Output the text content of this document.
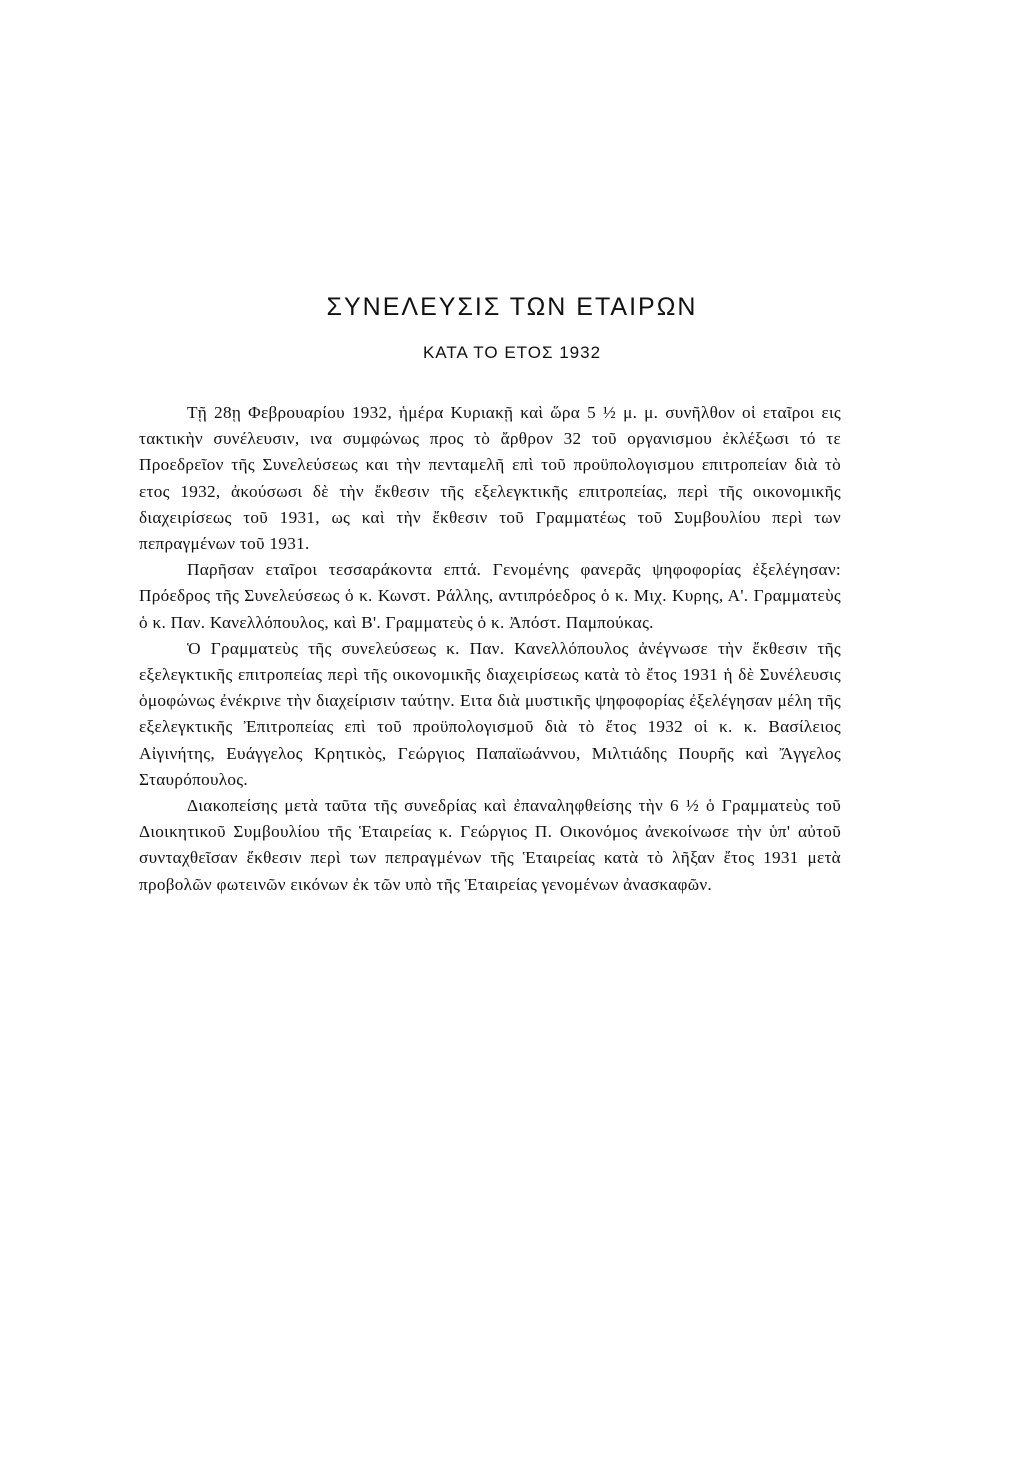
ΣΥΝΕΛΕΥΣΙΣ ΤΩΝ ΕΤΑΙΡΩΝ
ΚΑΤΑ ΤΟ ΕΤΟΣ 1932

Τῇ 28ῃ Φεβρουαρίου 1932, ἡμέρα Κυριακῇ καὶ ὥρα 5 ½ μ. μ. συνῆλθον οἱ εταῖροι εις τακτικὴν συνέλευσιν, ινα συμφώνως προς τὸ ἄρθρον 32 τοῦ οργανισμου ἐκλέξωσι τό τε Προεδρεῖον τῆς Συνελεύσεως και τὴν πενταμελῆ επὶ τοῦ προϋπολογισμου επιτροπείαν διὰ τὸ ετος 1932, ἀκούσωσι δὲ τὴν ἔκθεσιν τῆς εξελεγκτικῆς επιτροπείας, περὶ τῆς οικονομικῆς διαχειρίσεως τοῦ 1931, ως καὶ τὴν ἔκθεσιν τοῦ Γραμματέως τοῦ Συμβουλίου περὶ των πεπραγμένων τοῦ 1931.

Παρῆσαν εταῖροι τεσσαράκοντα επτά. Γενομένης φανερᾶς ψηφοφορίας ἐξελέγησαν: Πρόεδρος τῆς Συνελεύσεως ὁ κ. Κωνστ. Ράλλης, αντιπρόεδρος ὁ κ. Μιχ. Κυρης, Α'. Γραμματεὺς ὁ κ. Παν. Κανελλόπουλος, καὶ Β'. Γραμματεὺς ὁ κ. Ἀπόστ. Παμπούκας.

Ὁ Γραμματεὺς τῆς συνελεύσεως κ. Παν. Κανελλόπουλος ἀνέγνωσε τὴν ἔκθεσιν τῆς εξελεγκτικῆς επιτροπείας περὶ τῆς οικονομικῆς διαχειρίσεως κατὰ τὸ ἔτος 1931 ἡ δὲ Συνέλευσις ὁμοφώνως ἐνέκρινε τὴν διαχείρισιν ταύτην. Ειτα διὰ μυστικῆς ψηφοφορίας ἐξελέγησαν μέλη τῆς εξελεγκτικῆς Ἐπιτροπείας επὶ τοῦ προϋπολογισμοῦ διὰ τὸ ἔτος 1932 οἱ κ. κ. Βασίλειος Αἰγινήτης, Ευάγγελος Κρητικὸς, Γεώργιος Παπαϊωάννου, Μιλτιάδης Πουρῆς καὶ Ἄγγελος Σταυρόπουλος.

Διακοπείσης μετὰ ταῦτα τῆς συνεδρίας καὶ ἐπαναληφθείσης τὴν 6 ½ ὁ Γραμματεὺς τοῦ Διοικητικοῦ Συμβουλίου τῆς Ἑταιρείας κ. Γεώργιος Π. Οικονόμος ἀνεκοίνωσε τὴν ὑπ' αὐτοῦ συνταχθεῖσαν ἔκθεσιν περὶ των πεπραγμένων τῆς Ἑταιρείας κατὰ τὸ λῆξαν ἔτος 1931 μετὰ προβολῶν φωτεινῶν εικόνων ἐκ τῶν υπὸ τῆς Ἑταιρείας γενομένων ἀνασκαφῶν.
